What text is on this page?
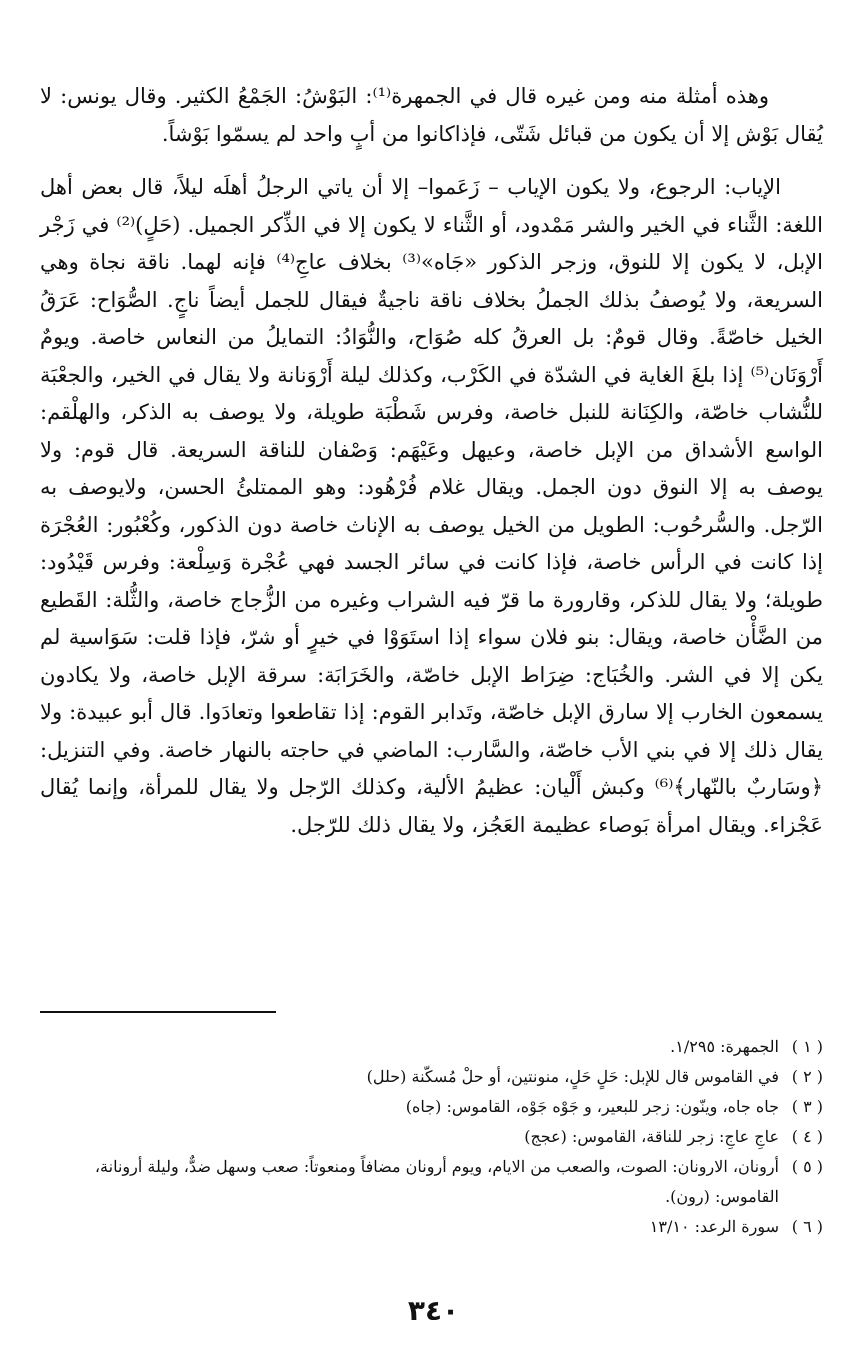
وهذه أمثلة منه ومن غيره قال في الجمهرة⁽¹⁾: البَوْشُ: الجَمْعُ الكثير. وقال يونس: لا يُقال بَوْش إلا أن يكون من قبائل شَتّى، فإذاكانوا من أبٍ واحد لم يسمّوا بَوْشاً.

الإياب: الرجوع، ولا يكون الإياب – زَعَموا– إلا أن ياتي الرجلُ أهلَه ليلاً، قال بعض أهل اللغة: الثَّناء في الخير والشر مَمْدود، أو الثَّناء لا يكون إلا في الذِّكر الجميل. (حَلٍ)⁽²⁾ في زَجْر الإبل، لا يكون إلا للنوق، وزجر الذكور «جَاه»⁽³⁾ بخلاف عاجِ⁽⁴⁾ فإنه لهما. ناقة نجاة وهي السريعة، ولا يُوصفُ بذلك الجملُ بخلاف ناقة ناجيةٌ فيقال للجمل أيضاً ناجٍ. الصُّوَاح: عَرَقُ الخيل خاصّةً. وقال قومٌ: بل العرقُ كله صُوَاح، والنُّوَادُ: التمايلُ من النعاس خاصة. ويومٌ أَرْوَنَان⁽⁵⁾ إذا بلغَ الغاية في الشدّة في الكَرْب، وكذلك ليلة أَرْوَنانة ولا يقال في الخير، والجعْبَة للنُّشاب خاصّة، والكِنَانة للنبل خاصة، وفرس شَطْبَة طويلة، ولا يوصف به الذكر، والهلْقم: الواسع الأشداق من الإبل خاصة، وعيهل وعَيْهَم: وَصْفان للناقة السريعة. قال قوم: ولا يوصف به إلا النوق دون الجمل. ويقال غلام فُرْهُود: وهو الممتلئُ الحسن، ولايوصف به الرّجل. والسُّرحُوب: الطويل من الخيل يوصف به الإناث خاصة دون الذكور، وكُعْبُور: العُجْرَة إذا كانت في الرأس خاصة، فإذا كانت في سائر الجسد فهي عُجْرة وَسِلْعة: وفرس قَيْدُود: طويلة؛ ولا يقال للذكر، وقارورة ما قرّ فيه الشراب وغيره من الزُّجاج خاصة، والثُّلة: القَطيع من الضَّأْن خاصة، ويقال: بنو فلان سواء إذا استَوَوْا في خيرٍ أو شرّ، فإذا قلت: سَوَاسية لم يكن إلا في الشر. والخُبَاج: ضِرَاط الإبل خاصّة، والخَرَابَة: سرقة الإبل خاصة، ولا يكادون يسمعون الخارب إلا سارق الإبل خاصّة، وتَدابر القوم: إذا تقاطعوا وتعادَوا. قال أبو عبيدة: ولا يقال ذلك إلا في بني الأب خاصّة، والسَّارب: الماضي في حاجته بالنهار خاصة. وفي التنزيل: ﴿وسَاربٌ بالنّهار﴾⁽⁶⁾ وكبش أَلْيان: عظيمُ الألية، وكذلك الرّجل ولا يقال للمرأة، وإنما يُقال عَجْزاء. ويقال امرأة بَوصاء عظيمة العَجُز، ولا يقال ذلك للرّجل.

( ١ )
الجمهرة: ١/٢٩٥.
( ٢ )
في القاموس قال للإبل: حَلٍ حَلٍ، منونتين، أو حلْ مُسكّنة (حلل)
( ٣ )
جاه جاه، وينّون: زجر للبعير، و جَوْه جَوْه، القاموس: (جاه)
( ٤ )
عاجِ عاجِ: زجر للناقة، القاموس: (عجج)
( ٥ )
أرونان، الارونان: الصوت، والصعب من الايام، ويوم أرونان مضافاً ومنعوتاً: صعب وسهل ضدٌّ، وليلة أرونانة، القاموس: (رون).
( ٦ )
سورة الرعد: ١٣/١٠
٣٤٠
